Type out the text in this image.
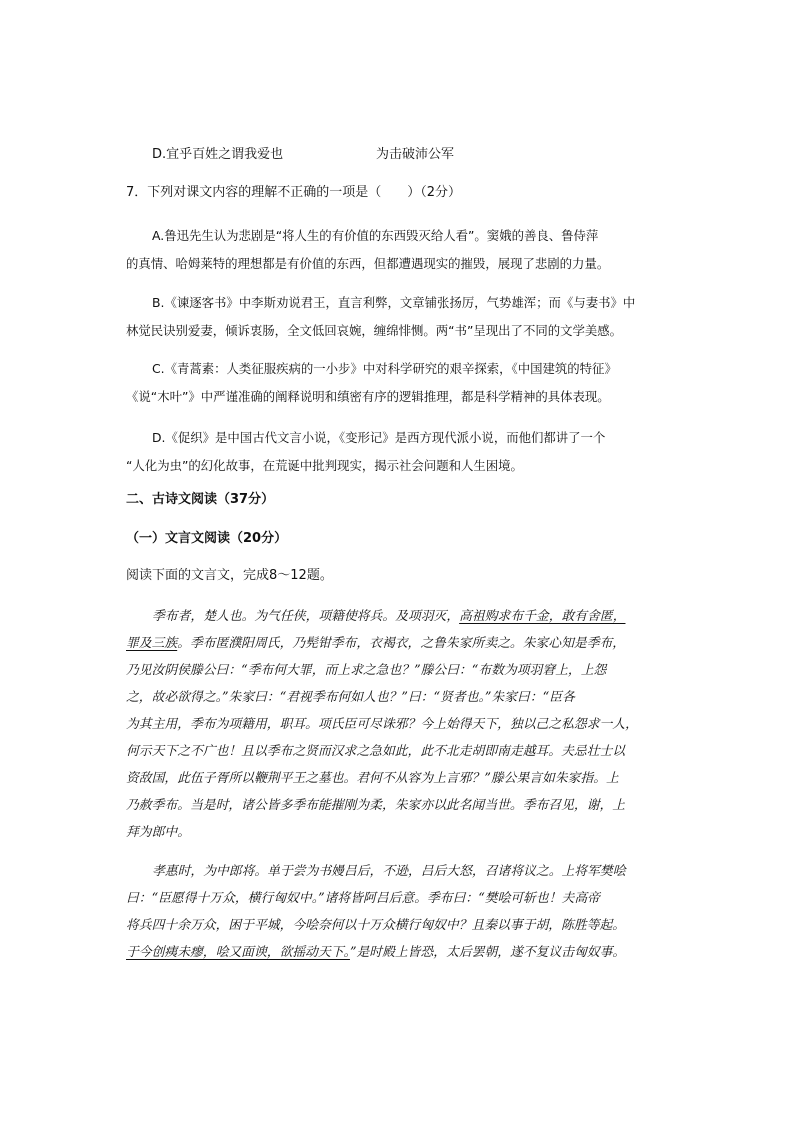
D.宜乎百姓之谓我爱也	为击破沛公军
7．下列对课文内容的理解不正确的一项是（　　）（2分）
A.鲁迅先生认为悲剧是“将人生的有价值的东西毁灭给人看”。窦娥的善良、鲁侍萍
的真情、哈姆莱特的理想都是有价值的东西，但都遭遇现实的摧毁，展现了悲剧的力量。
B.《谏逐客书》中李斯劝说君王，直言利弊，文章铺张扬厉，气势雄浑；而《与妻书》中
林觉民诀别爱妻，倾诉衷肠，全文低回哀婉，缠绵悱恻。两“书”呈现出了不同的文学美感。
C.《青蒿素：人类征服疾病的一小步》中对科学研究的艰辛探索，《中国建筑的特征》
《说“木叶”》中严谨准确的阐释说明和缜密有序的逻辑推理，都是科学精神的具体表现。
D.《促织》是中国古代文言小说，《变形记》是西方现代派小说，而他们都讲了一个
“人化为虫”的幻化故事，在荒诞中批判现实，揭示社会问题和人生困境。
二、古诗文阅读（37分）
（一）文言文阅读（20分）
阅读下面的文言文，完成8～12题。
季布者，楚人也。为气任侠，项籍使将兵。及项羽灭，高祖购求布千金，敢有舍匿，
罪及三族。季布匿濮阳周氏，乃髡钳季布，衣褐衣，之鲁朱家所卖之。朱家心知是季布，
乃见汝阴侯滕公曰：“季布何大罪，而上求之急也？”滕公曰：“布数为项羽窘上，上怨
之，故必欲得之。”朱家曰：“君视季布何如人也？”曰：“贤者也。”朱家曰：“臣各
为其主用，季布为项籍用，职耳。项氏臣可尽诛邪？今上始得天下，独以己之私怨求一人，
何示天下之不广也！且以季布之贤而汉求之急如此，此不北走胡即南走越耳。夫忌壮士以
资敌国，此伍子胥所以鞭荆平王之墓也。君何不从容为上言邪？”滕公果言如朱家指。上
乃赦季布。当是时，诸公皆多季布能摧刚为柔，朱家亦以此名闻当世。季布召见，谢，上
拜为郎中。
孝惠时，为中郎将。单于尝为书嫚吕后，不逊，吕后大怒，召诸将议之。上将军樊哙
曰：“臣愿得十万众，横行匈奴中。”诸将皆阿吕后意。季布曰：“樊哙可斩也！夫高帝
将兵四十余万众，困于平城，今哙奈何以十万众横行匈奴中？且秦以事于胡，陈胜等起。
于今创痍未瘳，哙又面谀，欲摇动天下。”是时殿上皆恐，太后罢朝，遂不复议击匈奴事。
